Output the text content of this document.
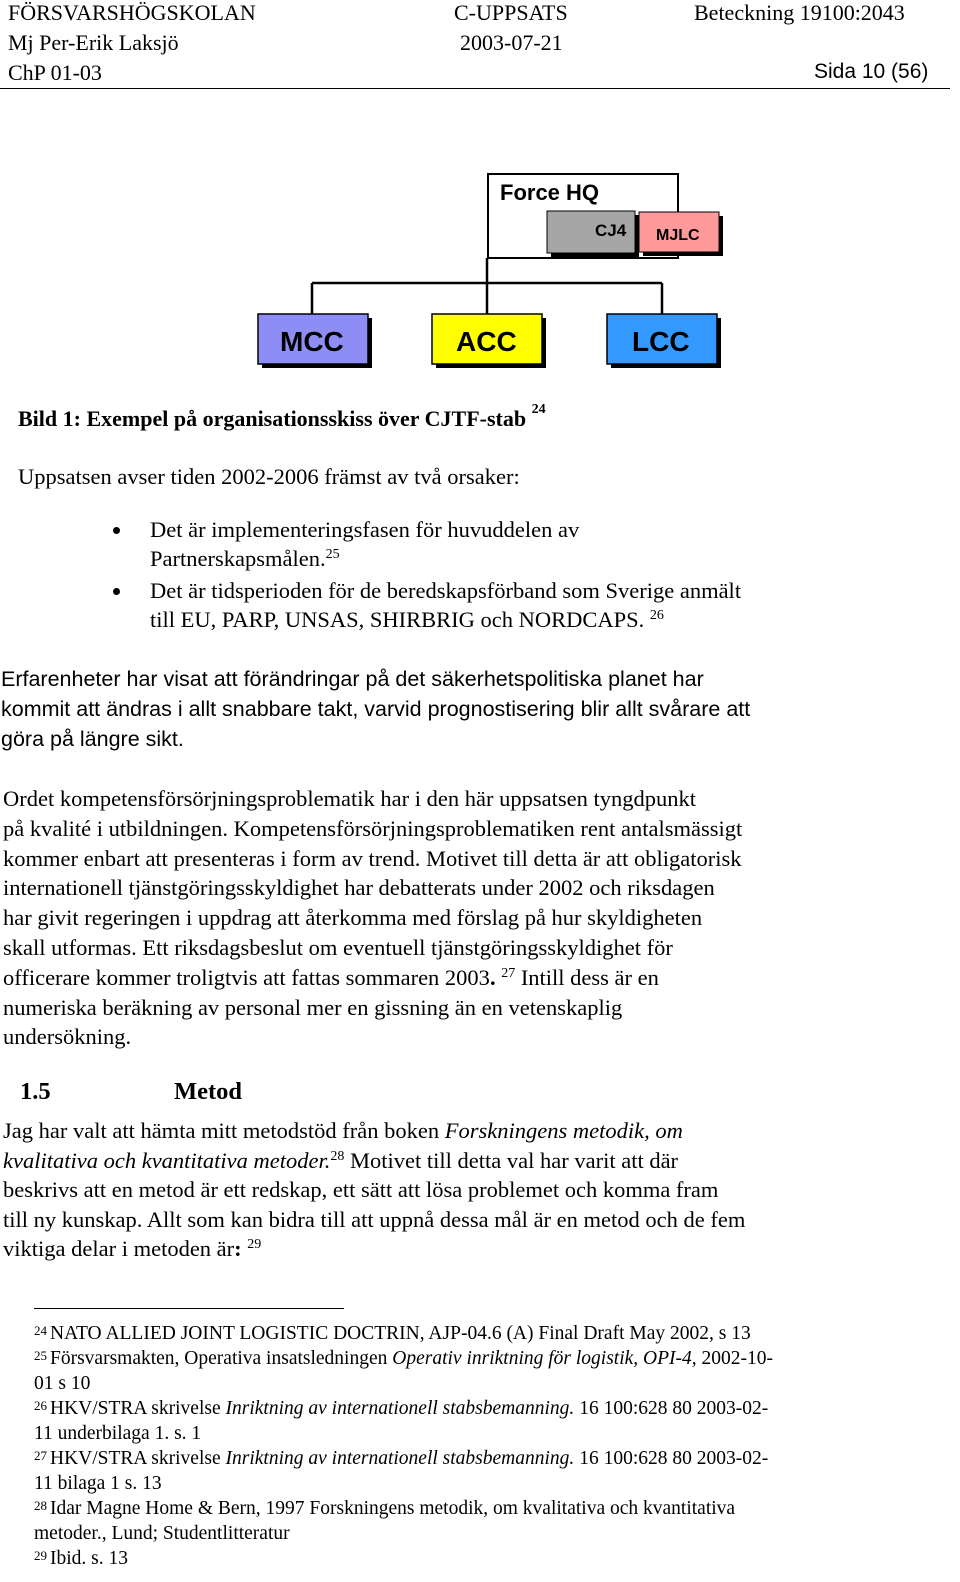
FÖRSVARSHÖGSKOLAN	C-UPPSATS	Beteckning 19100:2043
Mj Per-Erik Laksjö	2003-07-21
ChP 01-03	Sida 10 (56)
Force HQ
CJ4 MJLC
MCC	ACC	LCC
Bild 1: Exempel på organisationsskiss över CJTF-stab $^{24}$
Uppsatsen avser tiden 2002-2006 främst av två orsaker:
Det är implementeringsfasen för huvuddelen av
Partnerskapsmålen.$^{25}$
Det är tidsperioden för de beredskapsförband som Sverige anmält
till EU, PARP, UNSAS, SHIRBRIG och NORDCAPS. $^{26}$
Erfarenheter har visat att förändringar på det säkerhetspolitiska planet har
kommit att ändras i allt snabbare takt, varvid prognostisering blir allt svårare att
göra på längre sikt.
Ordet kompetensförsörjningsproblematik har i den här uppsatsen tyngdpunkt
på kvalité i utbildningen. Kompetensförsörjningsproblematiken rent antalsmässigt
kommer enbart att presenteras i form av trend. Motivet till detta är att obligatorisk
internationell tjänstgöringsskyldighet har debatterats under 2002 och riksdagen
har givit regeringen i uppdrag att återkomma med förslag på hur skyldigheten
skall utformas. Ett riksdagsbeslut om eventuell tjänstgöringsskyldighet för
officerare kommer troligtvis att fattas sommaren 2003. $^{27}$ Intill dess är en
numeriska beräkning av personal mer en gissning än en vetenskaplig
undersökning.
1.5	Metod
Jag har valt att hämta mitt metodstöd från boken Forskningens metodik, om
kvalitativa och kvantitativa metoder.$^{28}$ Motivet till detta val har varit att där
beskrivs att en metod är ett redskap, ett sätt att lösa problemet och komma fram
till ny kunskap. Allt som kan bidra till att uppnå dessa mål är en metod och de fem
viktiga delar i metoden är: $^{29}$
$^{24}$ NATO ALLIED JOINT LOGISTIC DOCTRIN, AJP-04.6 (A) Final Draft May 2002, s 13
$^{25}$ Försvarsmakten, Operativa insatsledningen Operativ inriktning för logistik, OPI-4, 2002-10-
01 s 10
$^{26}$ HKV/STRA skrivelse Inriktning av internationell stabsbemanning. 16 100:628 80 2003-02-
11 underbilaga 1. s. 1
$^{27}$ HKV/STRA skrivelse Inriktning av internationell stabsbemanning. 16 100:628 80 2003-02-
11 bilaga 1 s. 13
$^{28}$ Idar Magne Home & Bern, 1997 Forskningens metodik, om kvalitativa och kvantitativa
metoder., Lund; Studentlitteratur
$^{29}$ Ibid. s. 13
